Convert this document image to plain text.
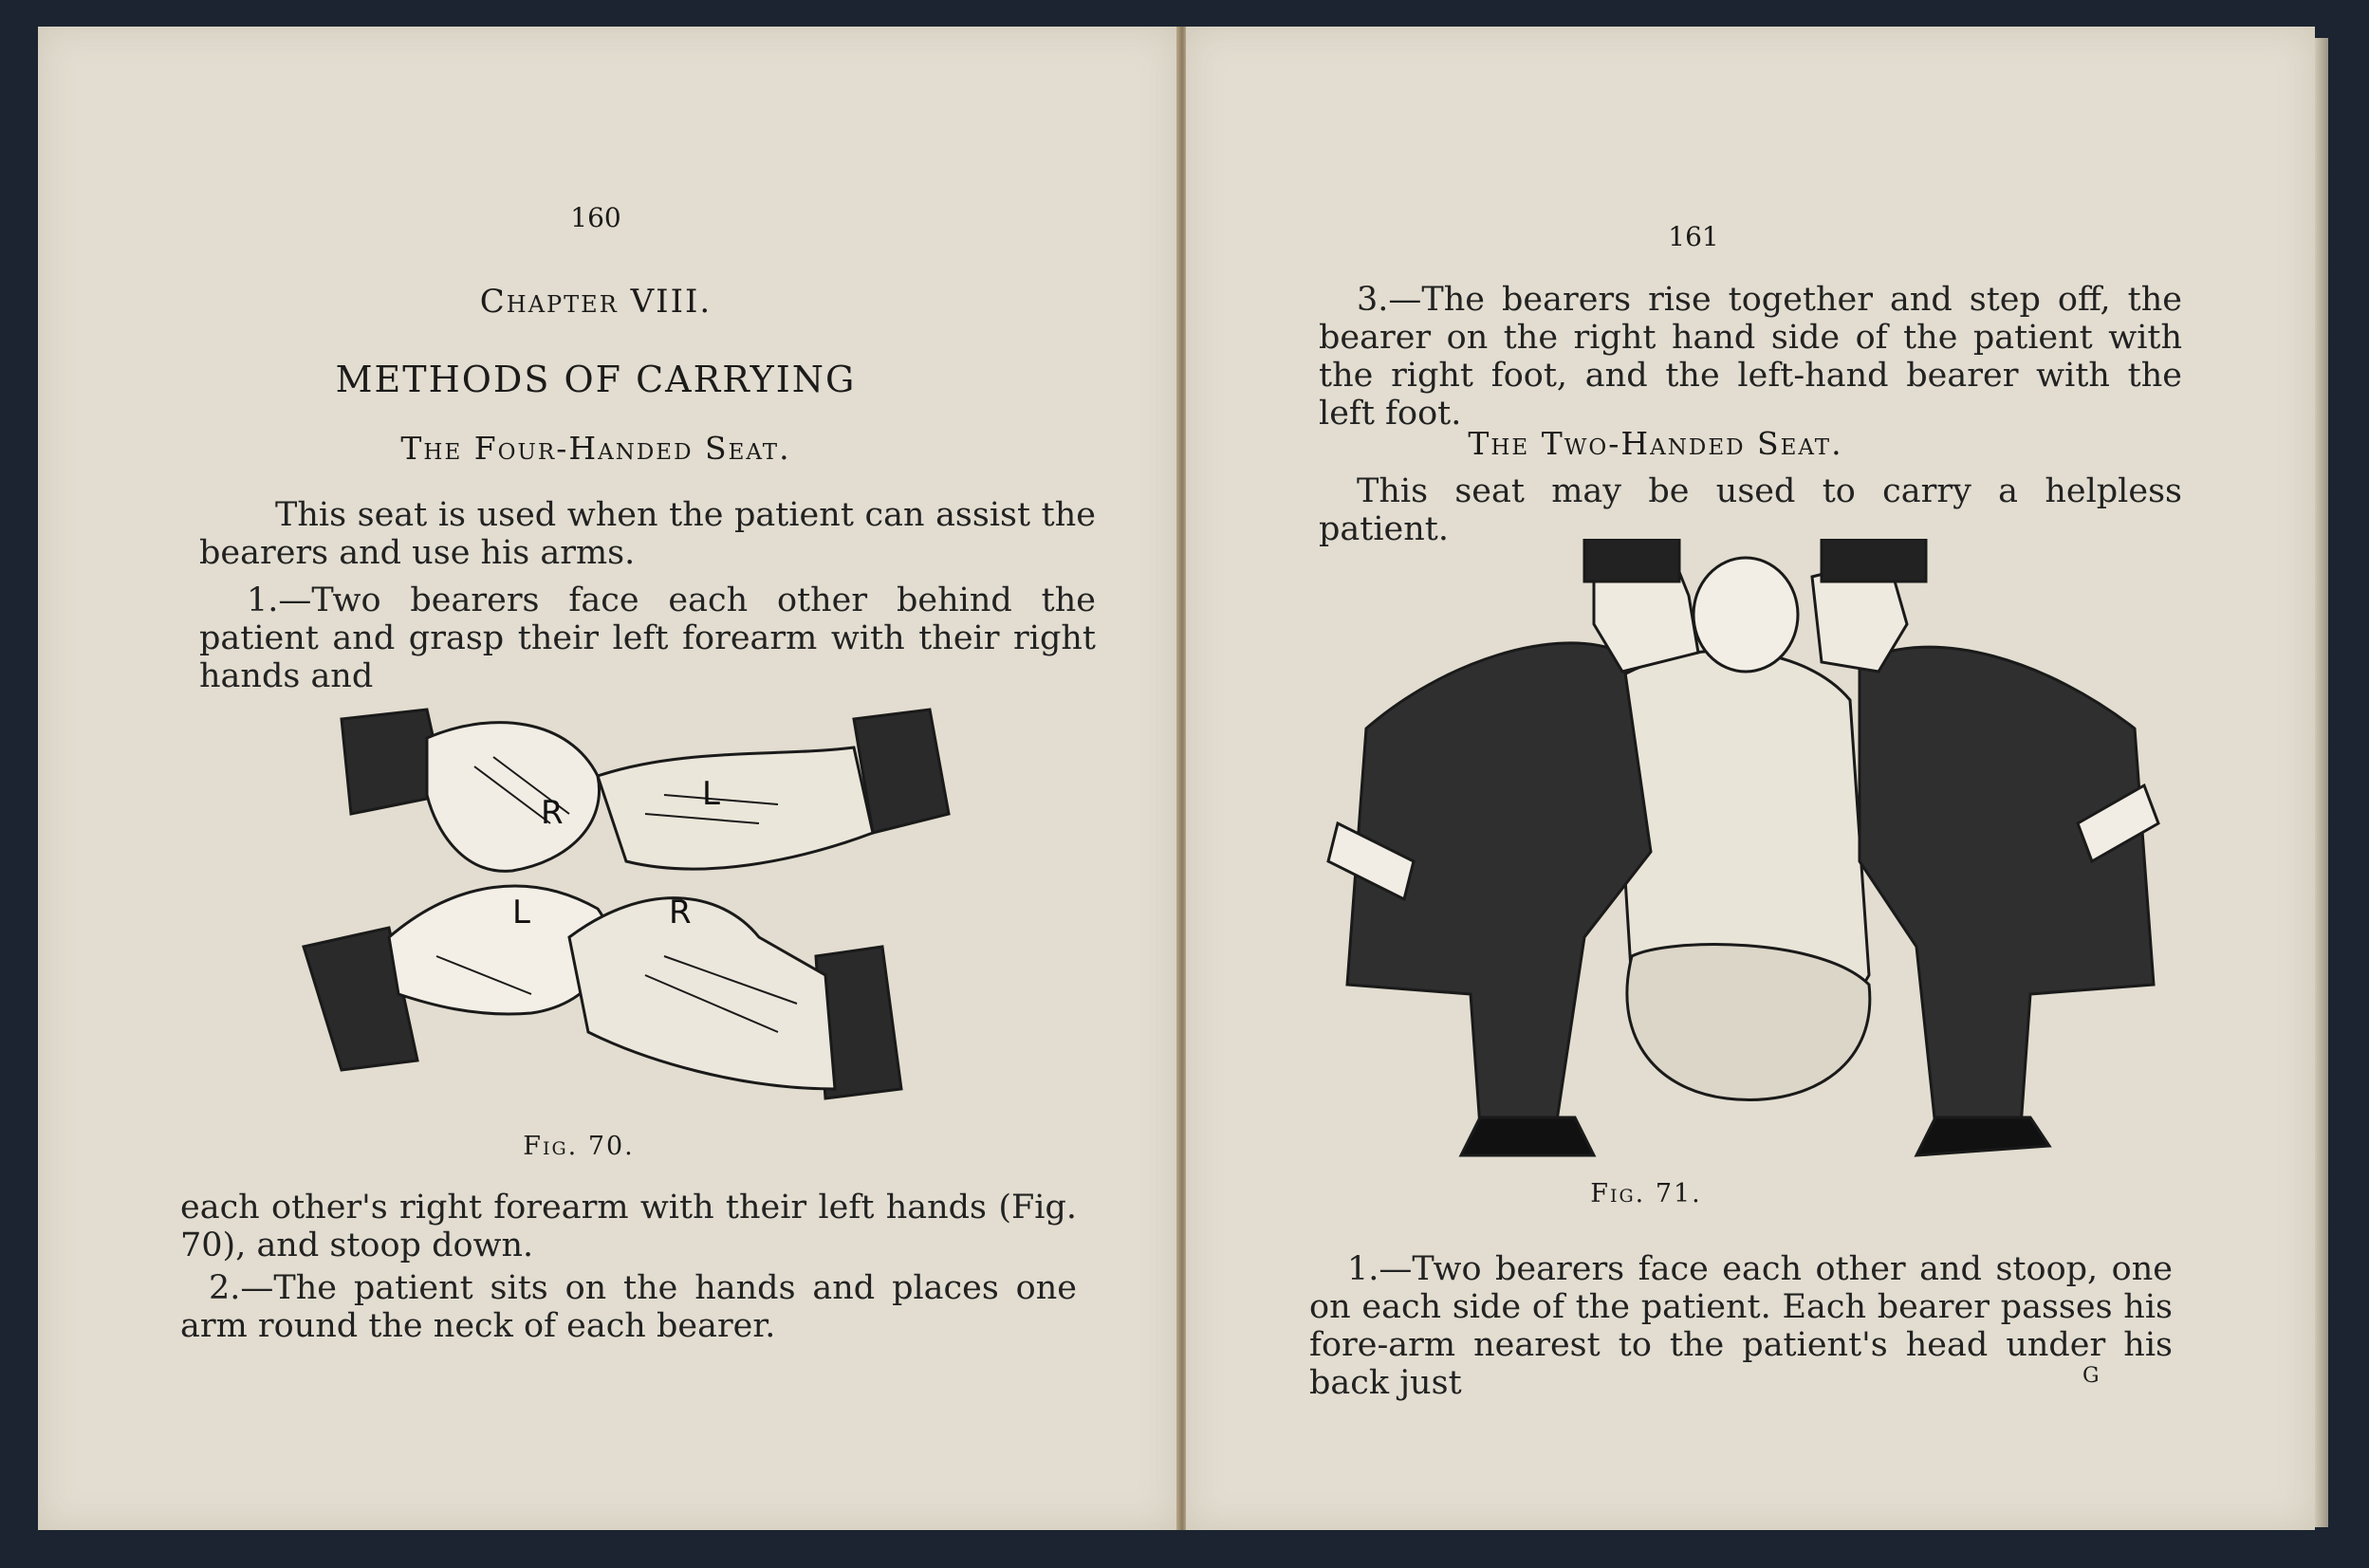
160
Chapter VIII.
METHODS OF CARRYING
The Four-Handed Seat.
This seat is used when the patient can assist the bearers and use his arms.
1.—Two bearers face each other behind the patient and grasp their left forearm with their right hands and
R	L
L	R
Fig. 70.
each other's right forearm with their left hands (Fig. 70), and stoop down.
2.—The patient sits on the hands and places one arm round the neck of each bearer.
161
3.—The bearers rise together and step off, the bearer on the right hand side of the patient with the right foot, and the left-hand bearer with the left foot.
The Two-Handed Seat.
This seat may be used to carry a helpless patient.
Fig. 71.
1.—Two bearers face each other and stoop, one on each side of the patient. Each bearer passes his fore-arm nearest to the patient's head under his back just	G
